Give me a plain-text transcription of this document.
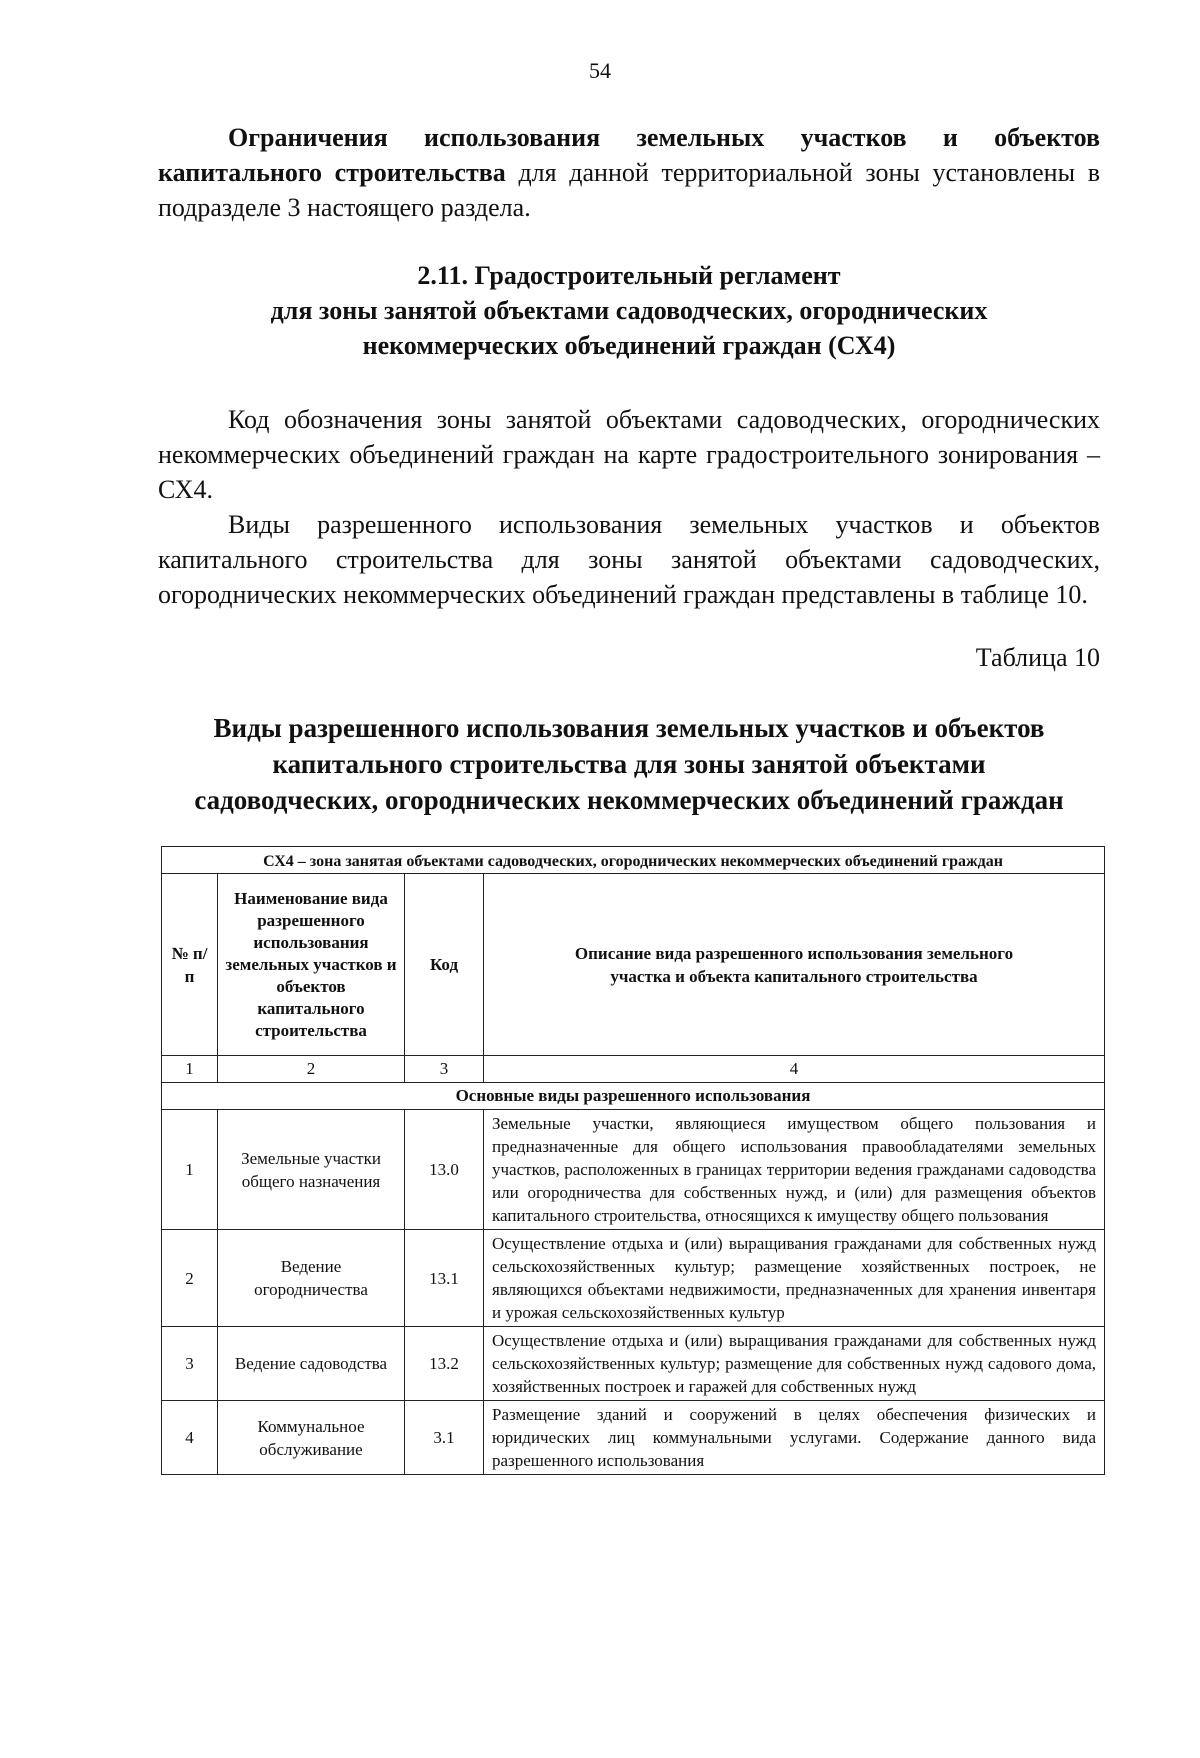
54

Ограничения использования земельных участков и объектов капитального строительства для данной территориальной зоны установлены в подразделе 3 настоящего раздела.

2.11. Градостроительный регламент
для зоны занятой объектами садоводческих, огороднических
некоммерческих объединений граждан (СХ4)

Код обозначения зоны занятой объектами садоводческих, огороднических некоммерческих объединений граждан на карте градостроительного зонирования – СХ4.

Виды разрешенного использования земельных участков и объектов капитального строительства для зоны занятой объектами садоводческих, огороднических некоммерческих объединений граждан представлены в таблице 10.

Таблица 10
Виды разрешенного использования земельных участков и объектов
капитального строительства для зоны занятой объектами
садоводческих, огороднических некоммерческих объединений граждан
СХ4 – зона занятая объектами садоводческих, огороднических некоммерческих объединений граждан			
№ п/п	Наименование вида разрешенного использования земельных участков и объектов капитального строительства	Код	Описание вида разрешенного использования земельного участка и объекта капитального строительства
1	2	3	4
Основные виды разрешенного использования			
1	Земельные участки общего назначения	13.0	Земельные участки, являющиеся имуществом общего пользования и предназначенные для общего использования правообладателями земельных участков, расположенных в границах территории ведения гражданами садоводства или огородничества для собственных нужд, и (или) для размещения объектов капитального строительства, относящихся к имуществу общего пользования
2	Ведение огородничества	13.1	Осуществление отдыха и (или) выращивания гражданами для собственных нужд сельскохозяйственных культур; размещение хозяйственных построек, не являющихся объектами недвижимости, предназначенных для хранения инвентаря и урожая сельскохозяйственных культур
3	Ведение садоводства	13.2	Осуществление отдыха и (или) выращивания гражданами для собственных нужд сельскохозяйственных культур; размещение для собственных нужд садового дома, хозяйственных построек и гаражей для собственных нужд
4	Коммунальное обслуживание	3.1	Размещение зданий и сооружений в целях обеспечения физических и юридических лиц коммунальными услугами. Содержание данного вида разрешенного использования
